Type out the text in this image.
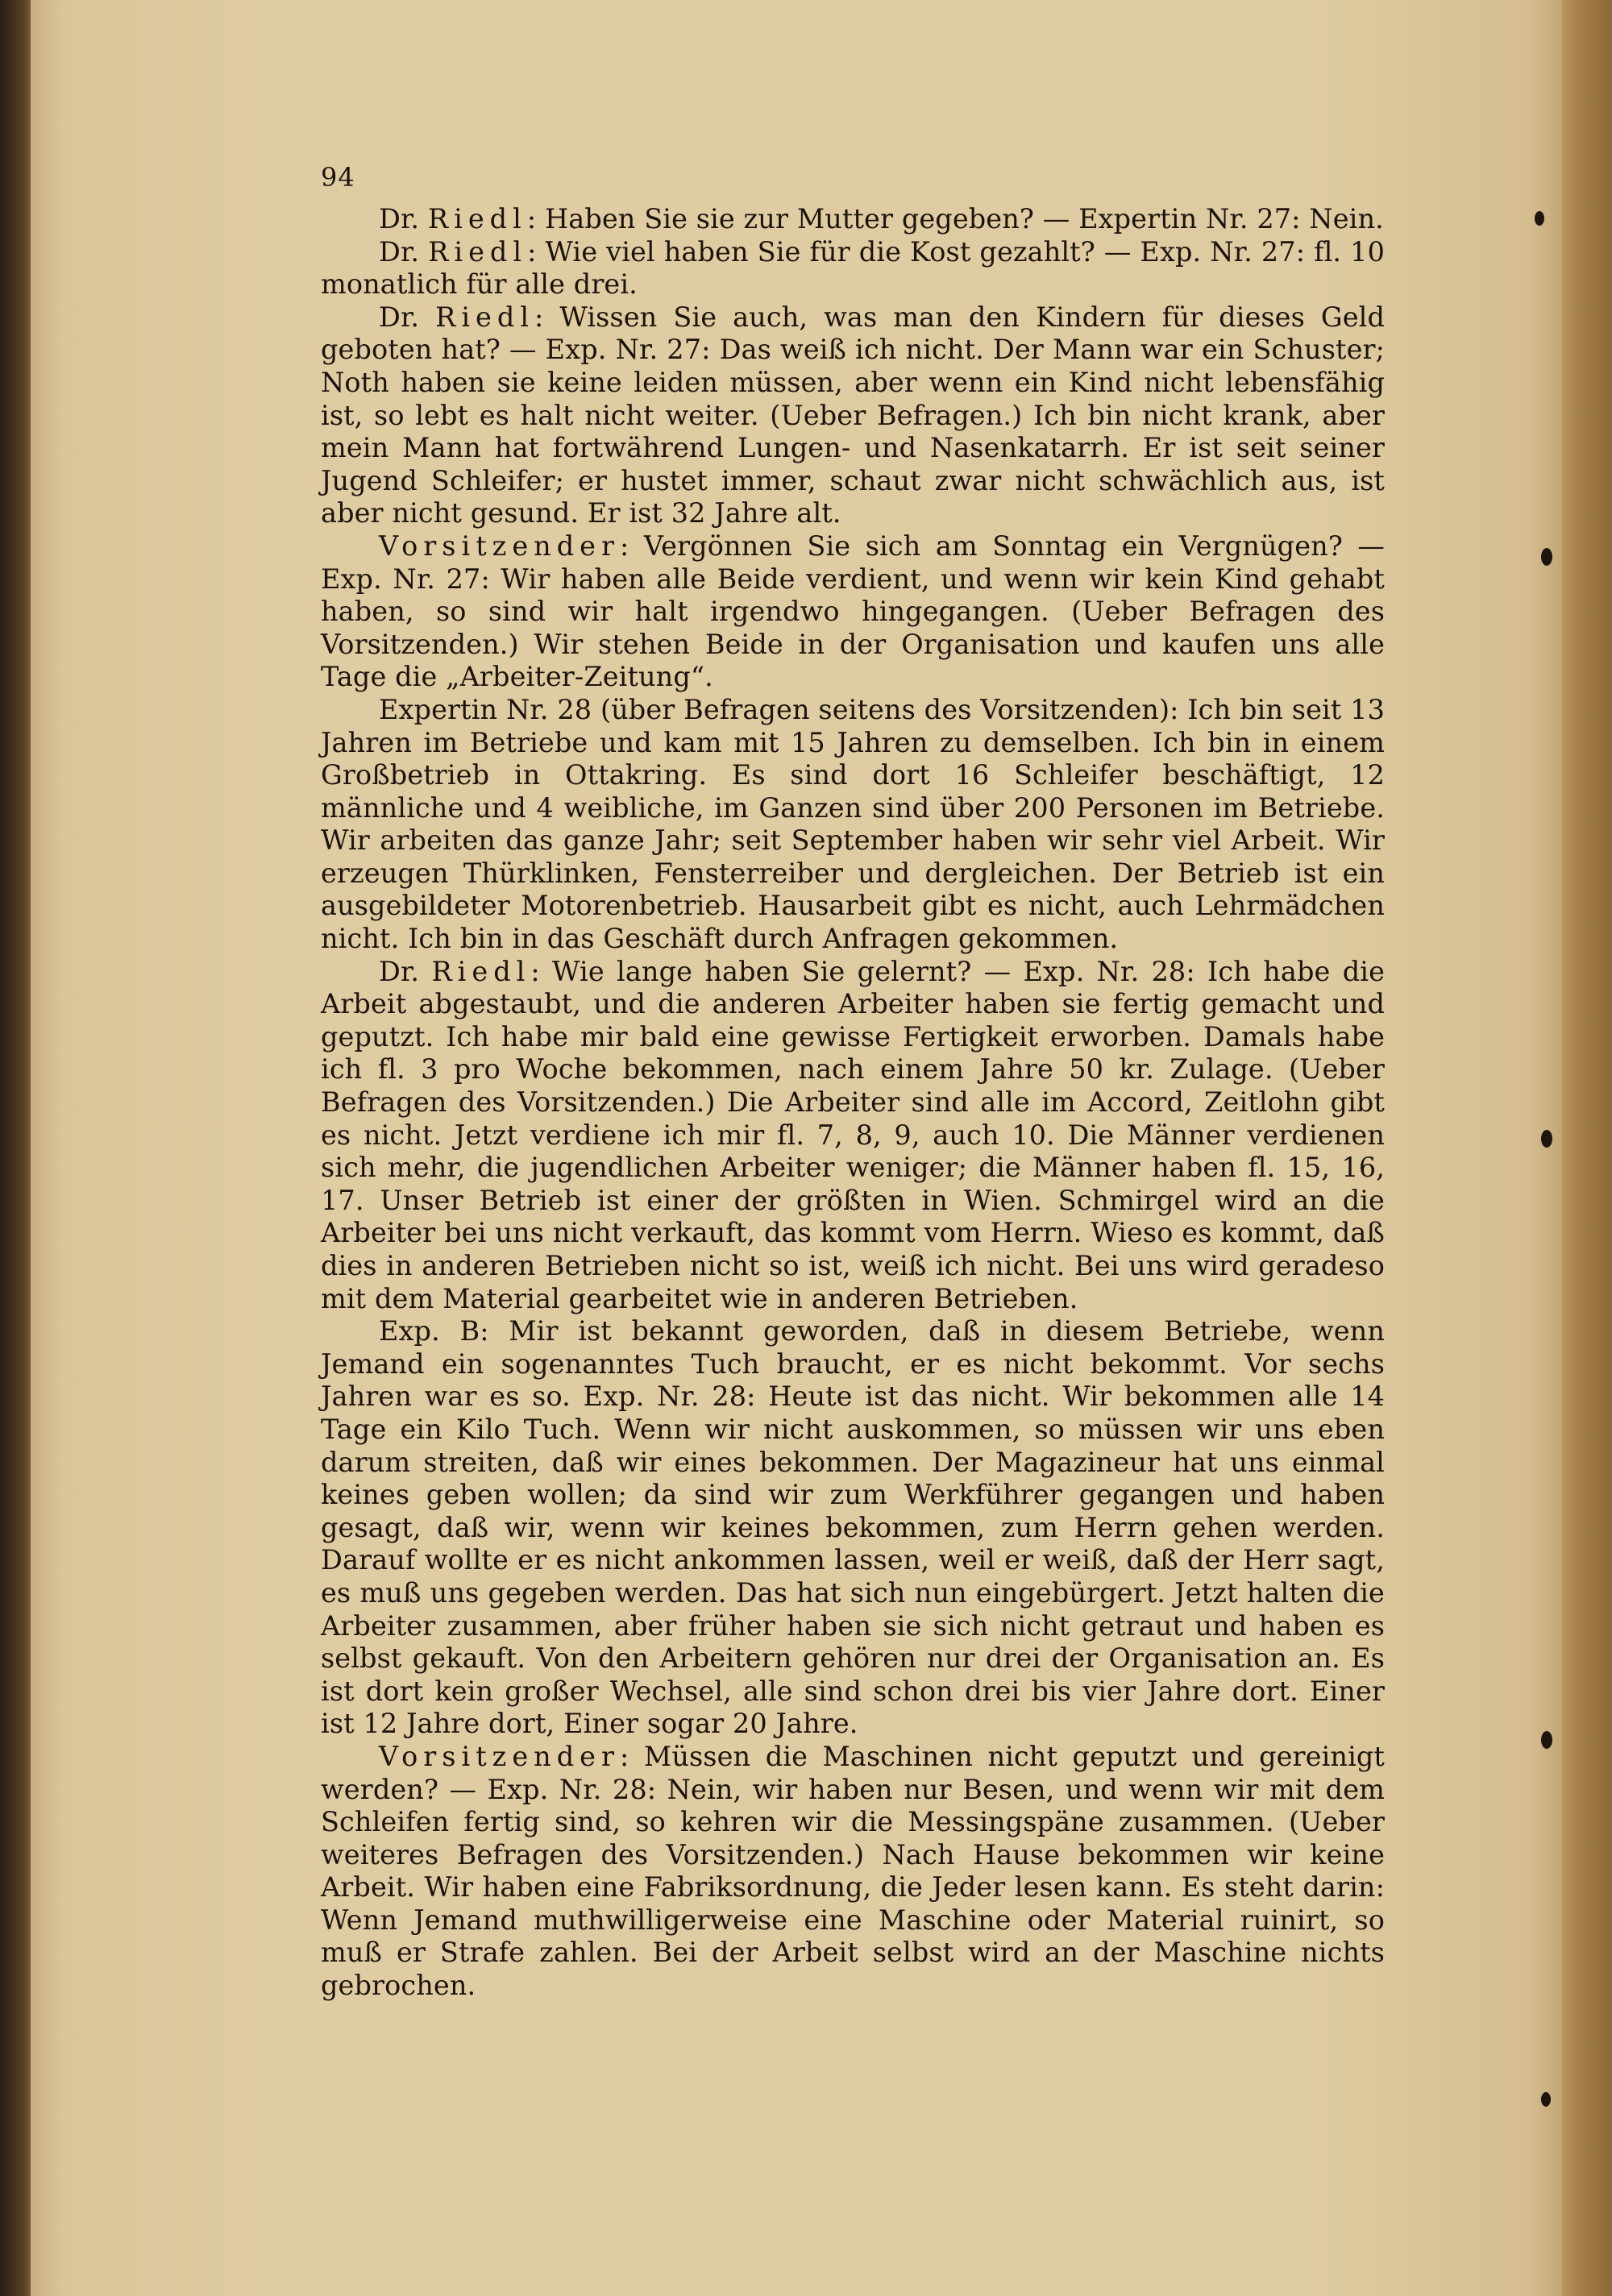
94

Dr. Riedl: Haben Sie sie zur Mutter gegeben? — Expertin Nr. 27: Nein.

Dr. Riedl: Wie viel haben Sie für die Kost gezahlt? — Exp. Nr. 27: fl. 10 monatlich für alle drei.

Dr. Riedl: Wissen Sie auch, was man den Kindern für dieses Geld geboten hat? — Exp. Nr. 27: Das weiß ich nicht. Der Mann war ein Schuster; Noth haben sie keine leiden müssen, aber wenn ein Kind nicht lebensfähig ist, so lebt es halt nicht weiter. (Ueber Befragen.) Ich bin nicht krank, aber mein Mann hat fortwährend Lungen- und Nasenkatarrh. Er ist seit seiner Jugend Schleifer; er hustet immer, schaut zwar nicht schwächlich aus, ist aber nicht gesund. Er ist 32 Jahre alt.

Vorsitzender: Vergönnen Sie sich am Sonntag ein Vergnügen? — Exp. Nr. 27: Wir haben alle Beide verdient, und wenn wir kein Kind gehabt haben, so sind wir halt irgendwo hingegangen. (Ueber Befragen des Vorsitzenden.) Wir stehen Beide in der Organisation und kaufen uns alle Tage die „Arbeiter-Zeitung“.

Expertin Nr. 28 (über Befragen seitens des Vorsitzenden): Ich bin seit 13 Jahren im Betriebe und kam mit 15 Jahren zu demselben. Ich bin in einem Großbetrieb in Ottakring. Es sind dort 16 Schleifer beschäftigt, 12 männliche und 4 weibliche, im Ganzen sind über 200 Personen im Betriebe. Wir arbeiten das ganze Jahr; seit September haben wir sehr viel Arbeit. Wir erzeugen Thürklinken, Fensterreiber und dergleichen. Der Betrieb ist ein ausgebildeter Motorenbetrieb. Hausarbeit gibt es nicht, auch Lehrmädchen nicht. Ich bin in das Geschäft durch Anfragen gekommen.

Dr. Riedl: Wie lange haben Sie gelernt? — Exp. Nr. 28: Ich habe die Arbeit abgestaubt, und die anderen Arbeiter haben sie fertig gemacht und geputzt. Ich habe mir bald eine gewisse Fertigkeit erworben. Damals habe ich fl. 3 pro Woche bekommen, nach einem Jahre 50 kr. Zulage. (Ueber Befragen des Vorsitzenden.) Die Arbeiter sind alle im Accord, Zeitlohn gibt es nicht. Jetzt verdiene ich mir fl. 7, 8, 9, auch 10. Die Männer verdienen sich mehr, die jugendlichen Arbeiter weniger; die Männer haben fl. 15, 16, 17. Unser Betrieb ist einer der größten in Wien. Schmirgel wird an die Arbeiter bei uns nicht verkauft, das kommt vom Herrn. Wieso es kommt, daß dies in anderen Betrieben nicht so ist, weiß ich nicht. Bei uns wird geradeso mit dem Material gearbeitet wie in anderen Betrieben.

Exp. B: Mir ist bekannt geworden, daß in diesem Betriebe, wenn Jemand ein sogenanntes Tuch braucht, er es nicht bekommt. Vor sechs Jahren war es so. Exp. Nr. 28: Heute ist das nicht. Wir bekommen alle 14 Tage ein Kilo Tuch. Wenn wir nicht auskommen, so müssen wir uns eben darum streiten, daß wir eines bekommen. Der Magazineur hat uns einmal keines geben wollen; da sind wir zum Werkführer gegangen und haben gesagt, daß wir, wenn wir keines bekommen, zum Herrn gehen werden. Darauf wollte er es nicht ankommen lassen, weil er weiß, daß der Herr sagt, es muß uns gegeben werden. Das hat sich nun eingebürgert. Jetzt halten die Arbeiter zusammen, aber früher haben sie sich nicht getraut und haben es selbst gekauft. Von den Arbeitern gehören nur drei der Organisation an. Es ist dort kein großer Wechsel, alle sind schon drei bis vier Jahre dort. Einer ist 12 Jahre dort, Einer sogar 20 Jahre.

Vorsitzender: Müssen die Maschinen nicht geputzt und gereinigt werden? — Exp. Nr. 28: Nein, wir haben nur Besen, und wenn wir mit dem Schleifen fertig sind, so kehren wir die Messingspäne zusammen. (Ueber weiteres Befragen des Vorsitzenden.) Nach Hause bekommen wir keine Arbeit. Wir haben eine Fabriksordnung, die Jeder lesen kann. Es steht darin: Wenn Jemand muthwilligerweise eine Maschine oder Material ruinirt, so muß er Strafe zahlen. Bei der Arbeit selbst wird an der Maschine nichts gebrochen.
